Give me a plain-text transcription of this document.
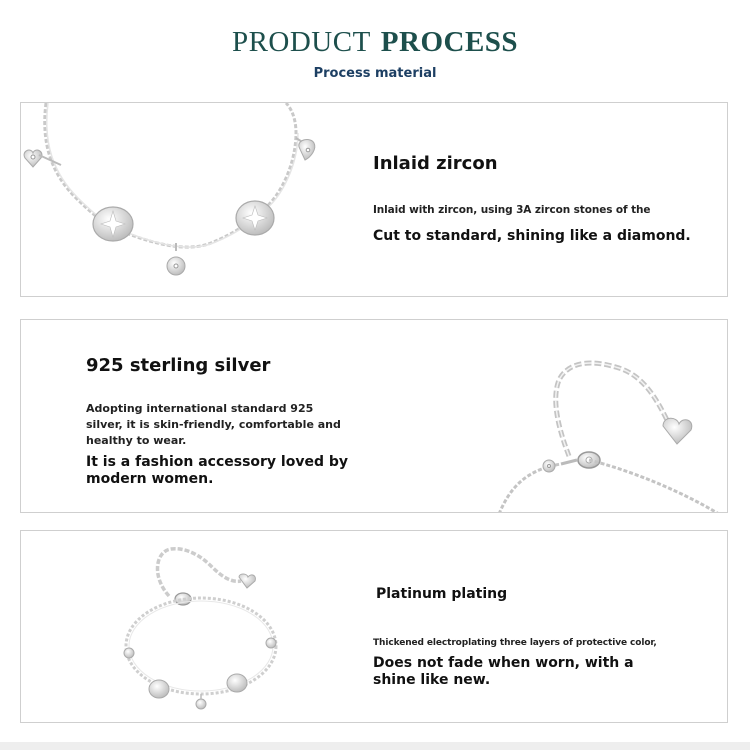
PRODUCT PROCESS
Process material
Inlaid zircon
Inlaid with zircon, using 3A zircon stones of the
Cut to standard, shining like a diamond.
925 sterling silver
Adopting international standard 925 silver, it is skin-friendly, comfortable and healthy to wear.
It is a fashion accessory loved by modern women.
Platinum plating
Thickened electroplating three layers of protective color,
Does not fade when worn, with a shine like new.
